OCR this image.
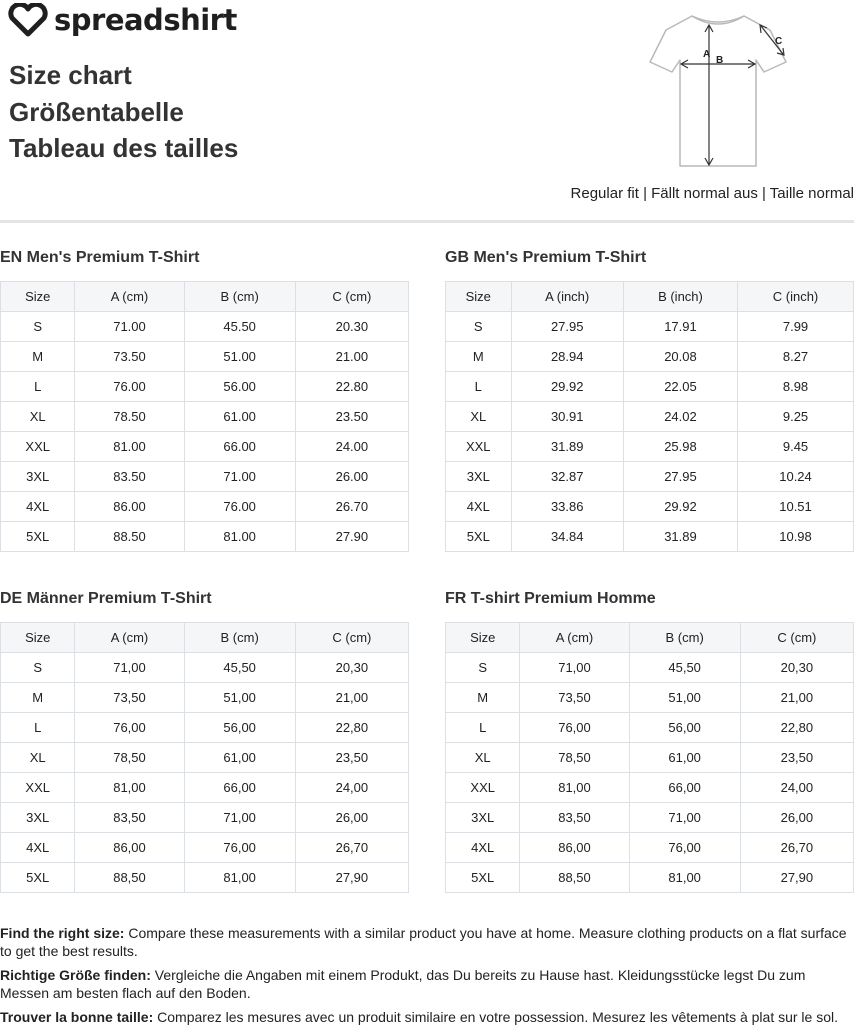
spreadshirt
Size chart
Größentabelle
Tableau des tailles
A
B
C
Regular fit | Fällt normal aus | Taille normal
EN Men's Premium T-Shirt	GB Men's Premium T-Shirt
DE Männer Premium T-Shirt	FR T-shirt Premium Homme
Size	A (cm)	B (cm)	C (cm)
S	71.00	45.50	20.30
M	73.50	51.00	21.00
L	76.00	56.00	22.80
XL	78.50	61.00	23.50
XXL	81.00	66.00	24.00
3XL	83.50	71.00	26.00
4XL	86.00	76.00	26.70
5XL	88.50	81.00	27.90
Size	A (inch)	B (inch)	C (inch)
S	27.95	17.91	7.99
M	28.94	20.08	8.27
L	29.92	22.05	8.98
XL	30.91	24.02	9.25
XXL	31.89	25.98	9.45
3XL	32.87	27.95	10.24
4XL	33.86	29.92	10.51
5XL	34.84	31.89	10.98
Size	A (cm)	B (cm)	C (cm)
S	71,00	45,50	20,30
M	73,50	51,00	21,00
L	76,00	56,00	22,80
XL	78,50	61,00	23,50
XXL	81,00	66,00	24,00
3XL	83,50	71,00	26,00
4XL	86,00	76,00	26,70
5XL	88,50	81,00	27,90
Size	A (cm)	B (cm)	C (cm)
S	71,00	45,50	20,30
M	73,50	51,00	21,00
L	76,00	56,00	22,80
XL	78,50	61,00	23,50
XXL	81,00	66,00	24,00
3XL	83,50	71,00	26,00
4XL	86,00	76,00	26,70
5XL	88,50	81,00	27,90

Find the right size: Compare these measurements with a similar product you have at home. Measure clothing products on a flat surface to get the best results.

Richtige Größe finden: Vergleiche die Angaben mit einem Produkt, das Du bereits zu Hause hast. Kleidungsstücke legst Du zum Messen am besten flach auf den Boden.

Trouver la bonne taille: Comparez les mesures avec un produit similaire en votre possession. Mesurez les vêtements à plat sur le sol.
